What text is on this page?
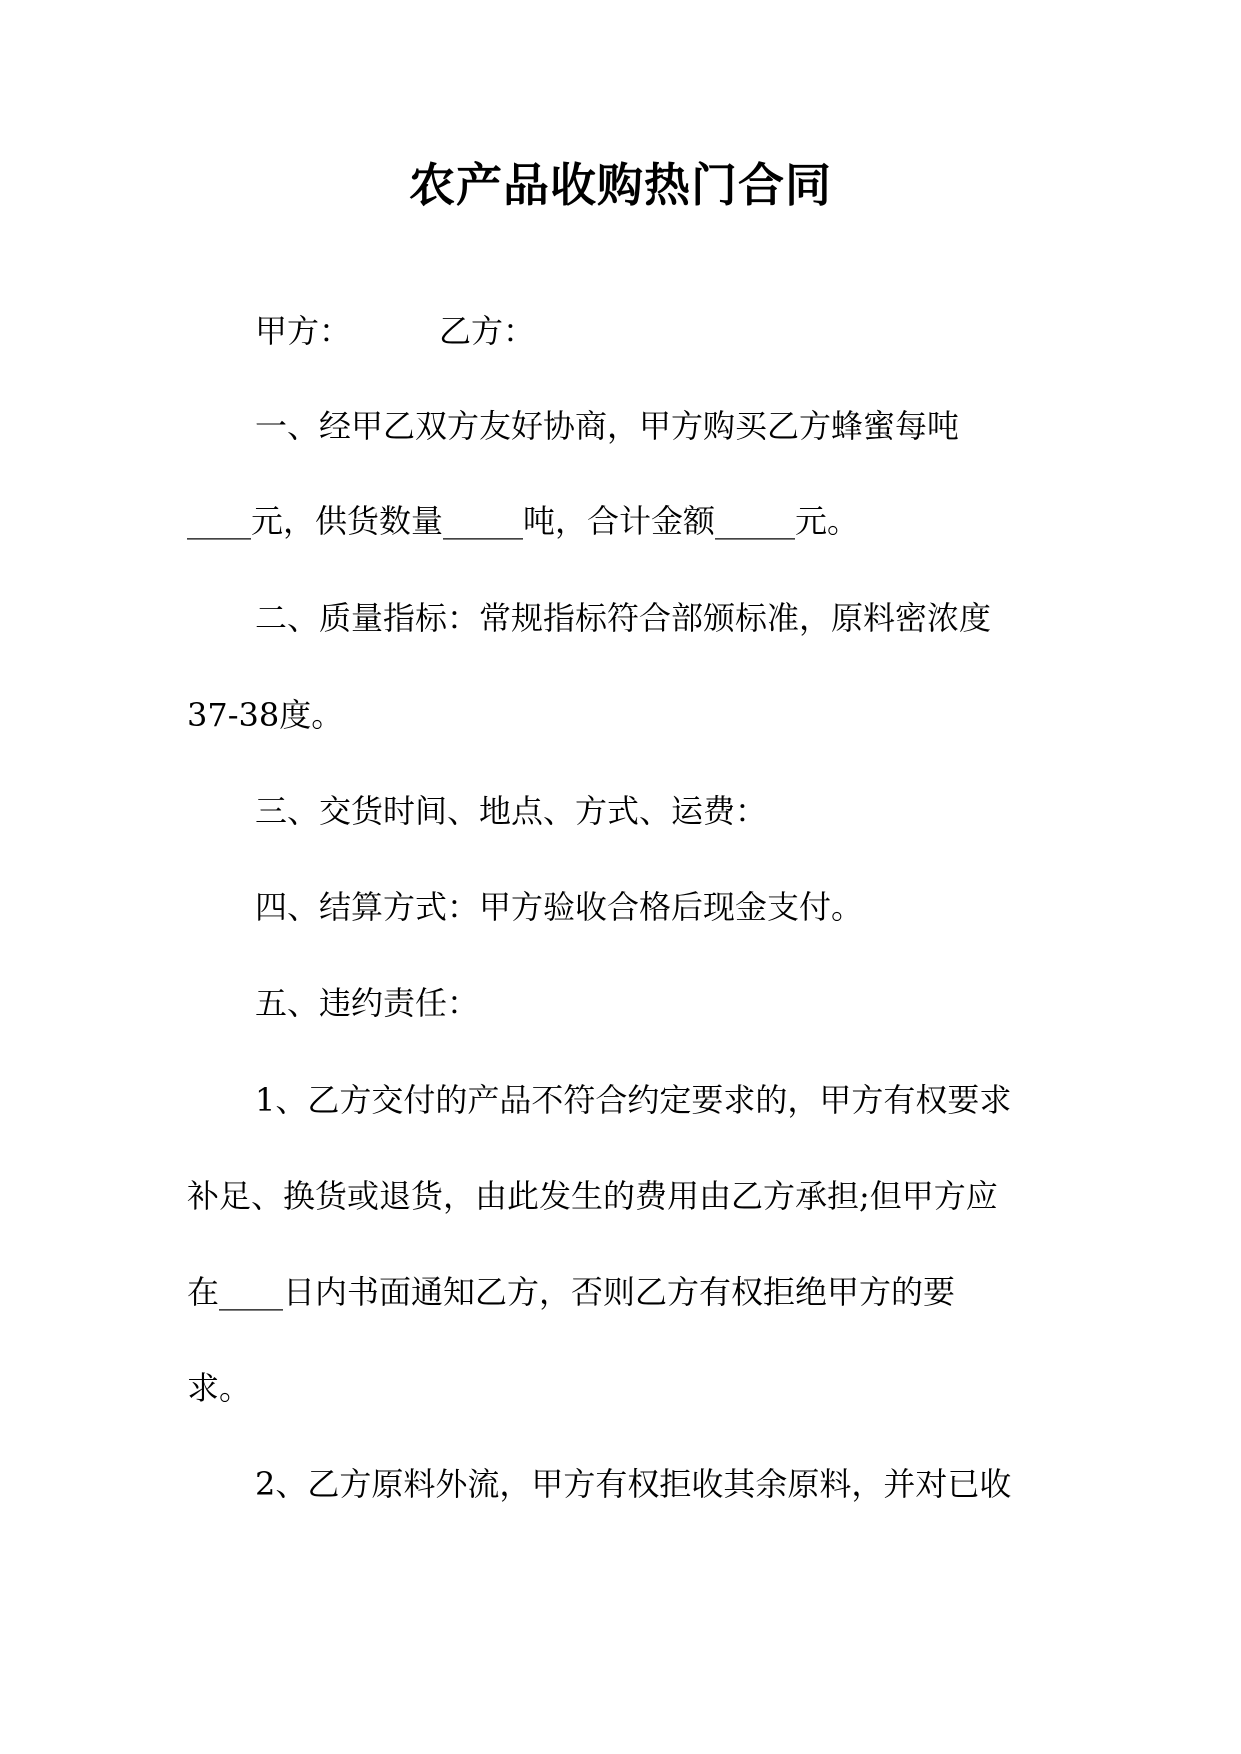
农产品收购热门合同
甲方：	乙方：
一、经甲乙双方友好协商，甲方购买乙方蜂蜜每吨
____元，供货数量_____吨，合计金额_____元。
二、质量指标：常规指标符合部颁标准，原料密浓度
37-38度。
三、交货时间、地点、方式、运费：
四、结算方式：甲方验收合格后现金支付。
五、违约责任：
1、乙方交付的产品不符合约定要求的，甲方有权要求
补足、换货或退货，由此发生的费用由乙方承担;但甲方应
在____日内书面通知乙方，否则乙方有权拒绝甲方的要
求。
2、乙方原料外流，甲方有权拒收其余原料，并对已收
